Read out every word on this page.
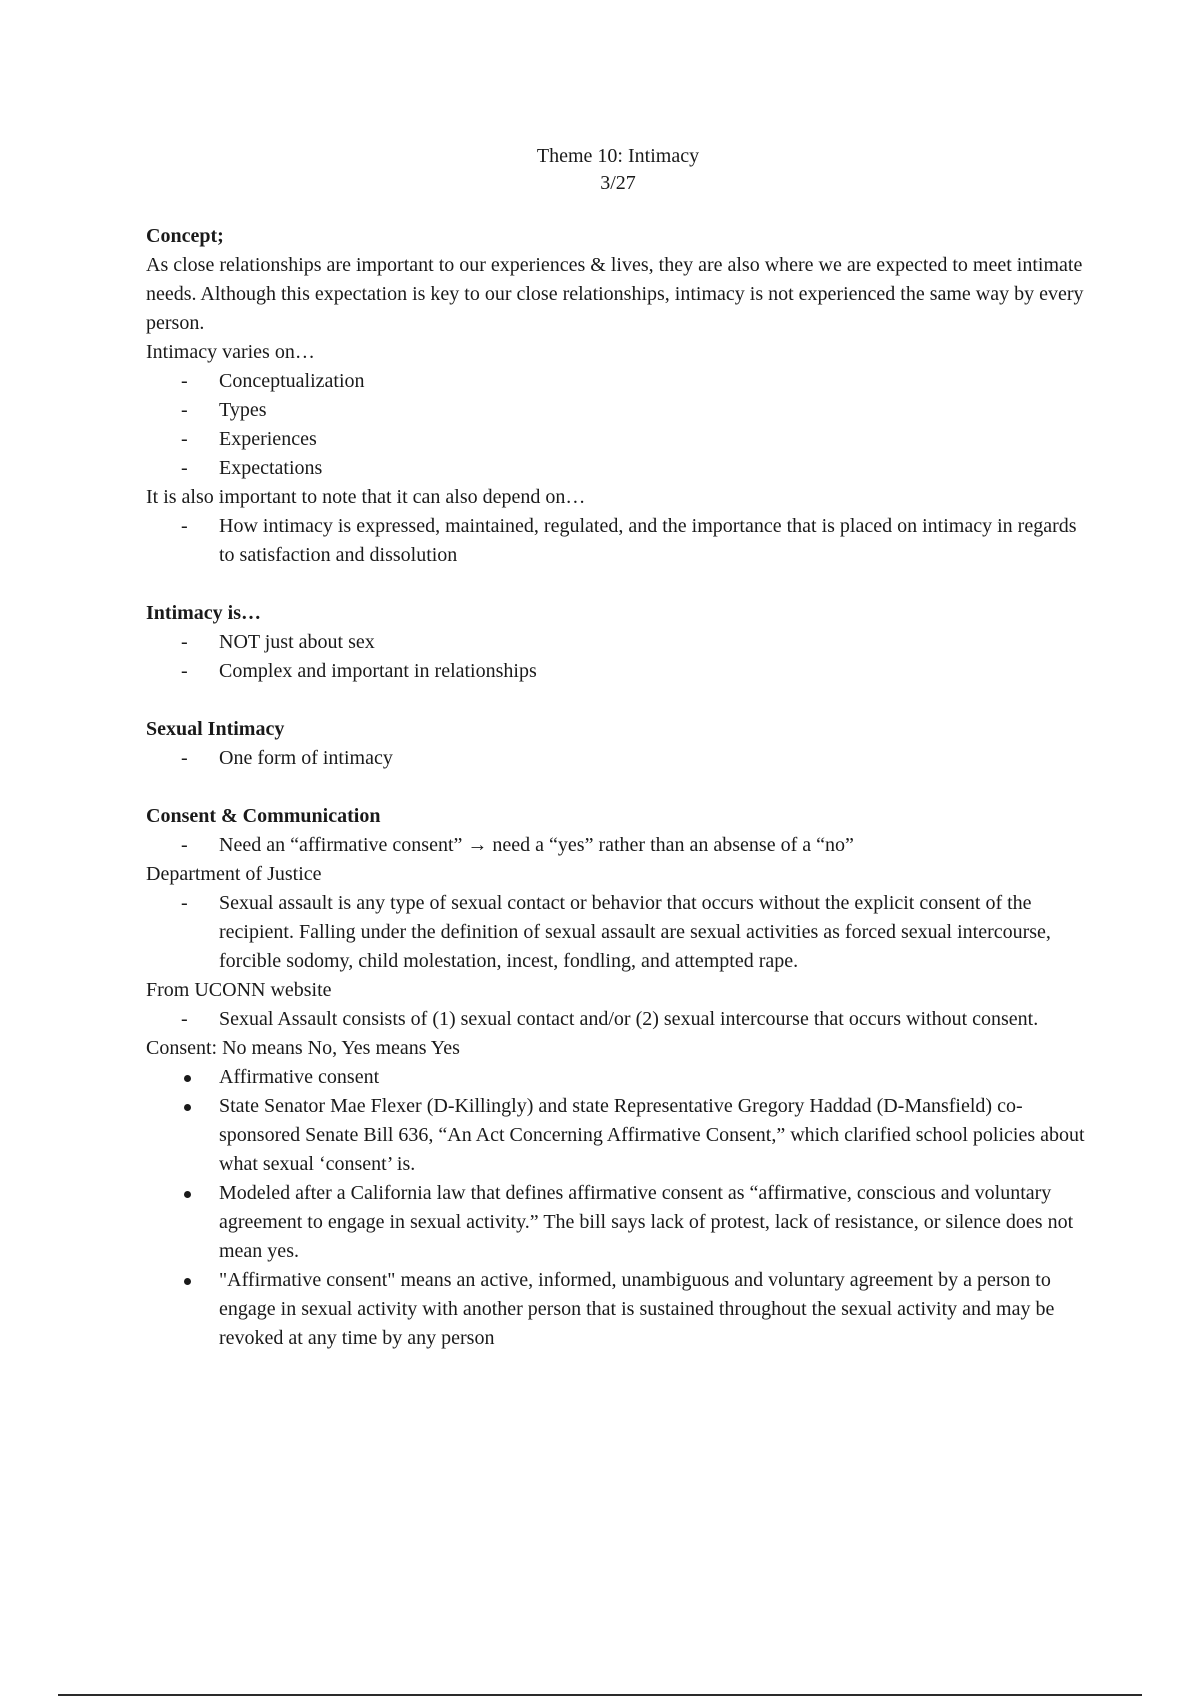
Theme 10: Intimacy
3/27
Concept;
As close relationships are important to our experiences & lives, they are also where we are expected to meet intimate needs. Although this expectation is key to our close relationships, intimacy is not experienced the same way by every person.
Intimacy varies on…
- Conceptualization
- Types
- Experiences
- Expectations
It is also important to note that it can also depend on…
- How intimacy is expressed, maintained, regulated, and the importance that is placed on intimacy in regards to satisfaction and dissolution
Intimacy is…
- NOT just about sex
- Complex and important in relationships
Sexual Intimacy
- One form of intimacy
Consent & Communication
- Need an “affirmative consent” → need a “yes” rather than an absense of a “no”
Department of Justice
- Sexual assault is any type of sexual contact or behavior that occurs without the explicit consent of the recipient. Falling under the definition of sexual assault are sexual activities as forced sexual intercourse, forcible sodomy, child molestation, incest, fondling, and attempted rape.
From UCONN website
- Sexual Assault consists of (1) sexual contact and/or (2) sexual intercourse that occurs without consent.
Consent: No means No, Yes means Yes
Affirmative consent
State Senator Mae Flexer (D-Killingly) and state Representative Gregory Haddad (D-Mansfield) co-sponsored Senate Bill 636, “An Act Concerning Affirmative Consent,” which clarified school policies about what sexual ‘consent’ is.
Modeled after a California law that defines affirmative consent as “affirmative, conscious and voluntary agreement to engage in sexual activity.” The bill says lack of protest, lack of resistance, or silence does not mean yes.
"Affirmative consent" means an active, informed, unambiguous and voluntary agreement by a person to engage in sexual activity with another person that is sustained throughout the sexual activity and may be revoked at any time by any person
